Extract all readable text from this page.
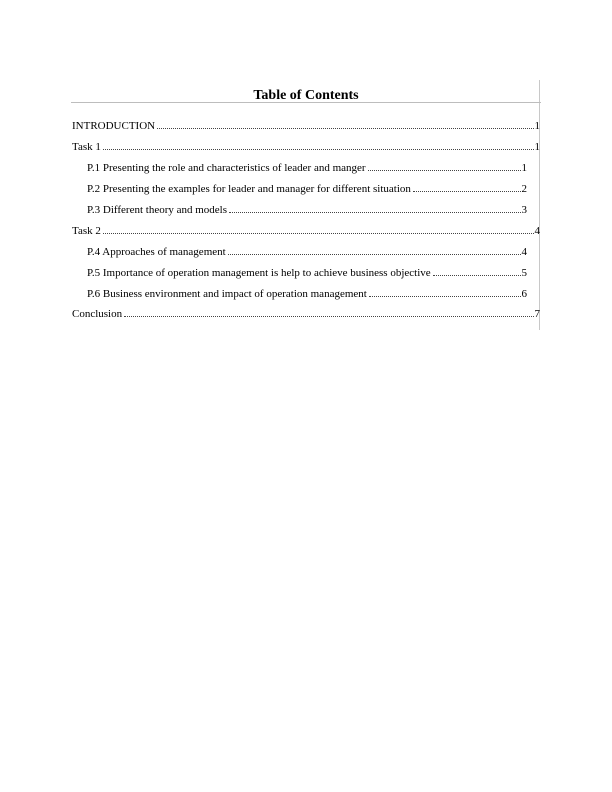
Table of Contents
INTRODUCTION	1
Task 1	1
P.1 Presenting the role and characteristics of leader and manger	1
P.2 Presenting the examples for leader and manager for different situation	2
P.3 Different theory and models	3
Task 2	4
P.4 Approaches of management	4
P.5 Importance of operation management is help to achieve business objective	5
P.6 Business environment and impact of operation management	6
Conclusion	7
